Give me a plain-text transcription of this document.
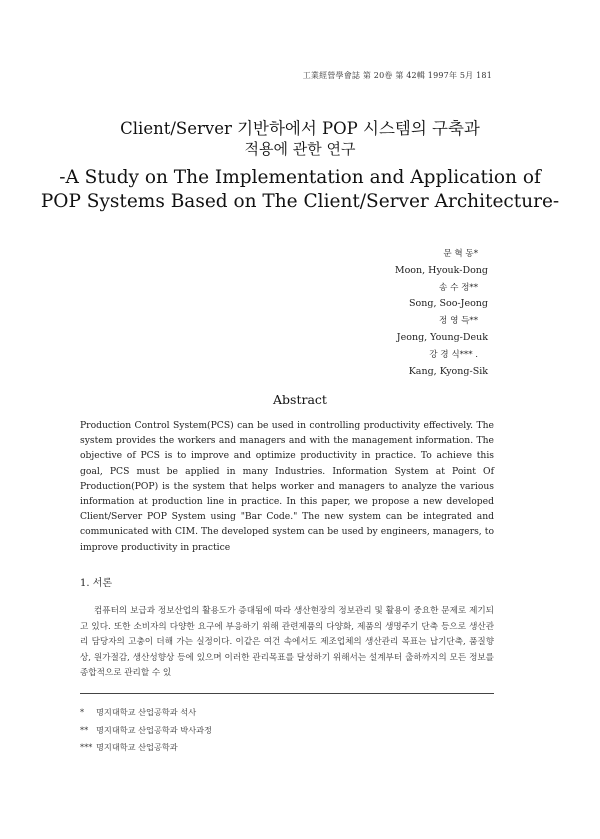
工業經營學會誌 第 20卷 第 42輯 1997年 5月 181
Client/Server 기반하에서 POP 시스템의 구축과
적용에 관한 연구
-A Study on The Implementation and Application of
POP Systems Based on The Client/Server Architecture-
문 혁 동*
Moon, Hyouk-Dong
송 수 정**
Song, Soo-Jeong
정 영 득**
Jeong, Young-Deuk
강 경 식*** .
Kang, Kyong-Sik
Abstract
Production Control System(PCS) can be used in controlling productivity effectively. The system provides the workers and managers and with the management information. The objective of PCS is to improve and optimize productivity in practice. To achieve this goal, PCS must be applied in many Industries. Information System at Point Of Production(POP) is the system that helps worker and managers to analyze the various information at production line in practice. In this paper, we propose a new developed Client/Server POP System using "Bar Code." The new system can be integrated and communicated with CIM. The developed system can be used by engineers, managers, to improve productivity in practice
1. 서론
컴퓨터의 보급과 정보산업의 활용도가 증대됨에 따라 생산현장의 정보관리 및 활용이 중요한 문제로 제기되고 있다. 또한 소비자의 다양한 요구에 부응하기 위해 관련제품의 다양화, 제품의 생명주기 단축 등으로 생산관리 담당자의 고충이 더해 가는 실정이다. 이같은 여건 속에서도 제조업체의 생산관리 목표는 납기단축, 품질향상, 원가절감, 생산성향상 등에 있으며 이러한 관리목표를 달성하기 위해서는 설계부터 출하까지의 모든 정보를 종합적으로 관리할 수 있
*	명지대학교 산업공학과 석사
** 명지대학교 산업공학과 박사과정
*** 명지대학교 산업공학과
